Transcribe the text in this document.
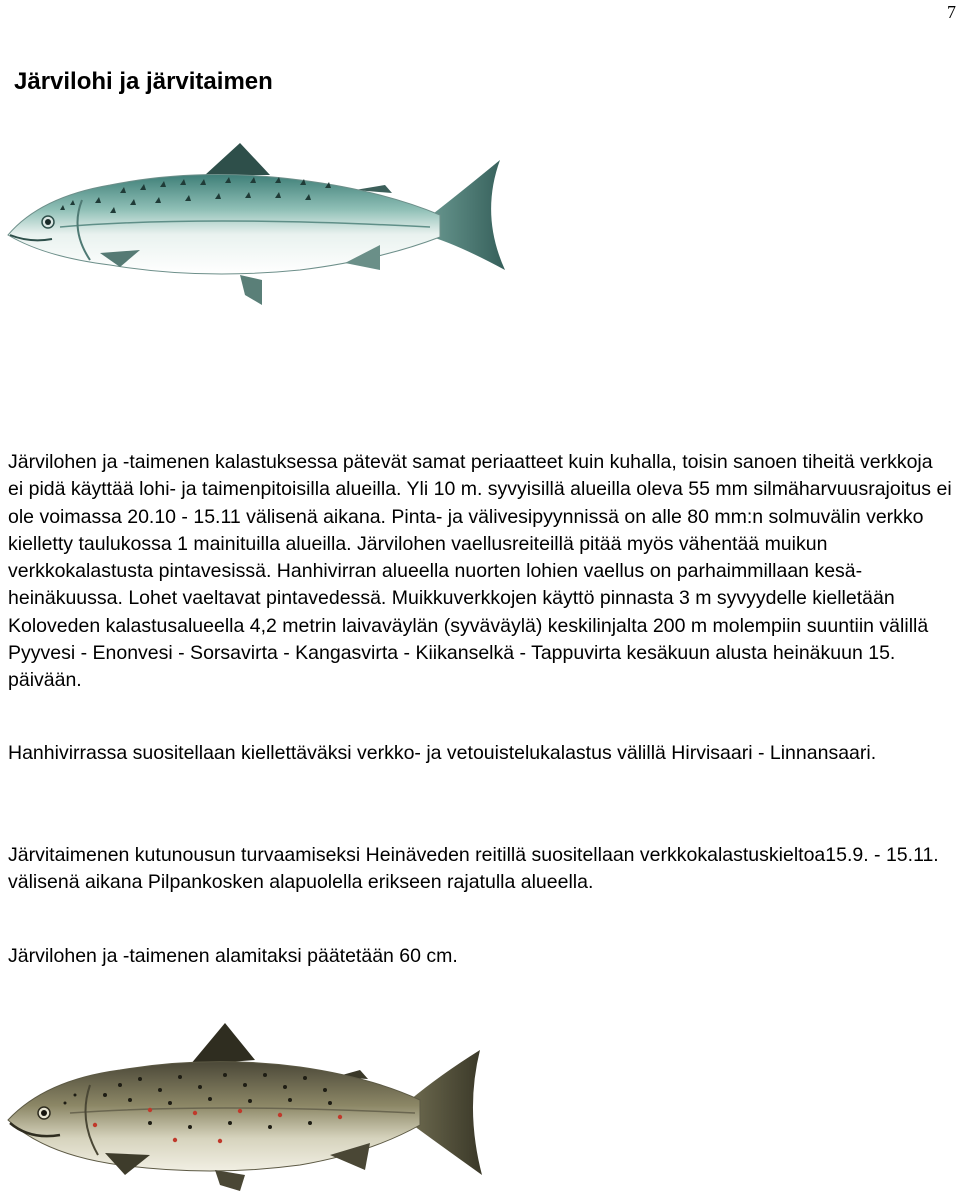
7
Järvilohi ja järvitaimen

Järvilohen ja -taimenen kalastuksessa pätevät samat periaatteet kuin kuhalla, toisin sanoen tiheitä verkkoja ei pidä käyttää lohi- ja taimenpitoisilla alueilla. Yli 10 m. syvyisillä alueilla oleva 55 mm silmäharvuusrajoitus ei ole voimassa 20.10 - 15.11 välisenä aikana. Pinta- ja välivesipyynnissä on alle 80 mm:n solmuvälin verkko kielletty taulukossa 1 mainituilla alueilla. Järvilohen vaellusreiteillä pitää myös vähentää muikun verkkokalastusta pintavesissä. Hanhivirran alueella nuorten lohien vaellus on parhaimmillaan kesä-heinäkuussa. Lohet vaeltavat pintavedessä. Muikkuverkkojen käyttö pinnasta 3 m syvyydelle kielletään Koloveden kalastusalueella 4,2 metrin laivaväylän (syväväylä) keskilinjalta 200 m molempiin suuntiin välillä Pyyvesi - Enonvesi - Sorsavirta - Kangasvirta - Kiikanselkä - Tappuvirta kesäkuun alusta heinäkuun 15. päivään.

Hanhivirrassa suositellaan kiellettäväksi verkko- ja vetouistelukalastus välillä Hirvisaari - Linnansaari.

Järvitaimenen kutunousun turvaamiseksi Heinäveden reitillä suositellaan verkkokalastuskieltoa15.9. - 15.11. välisenä aikana Pilpankosken alapuolella erikseen rajatulla alueella.

Järvilohen ja -taimenen alamitaksi päätetään 60 cm.
